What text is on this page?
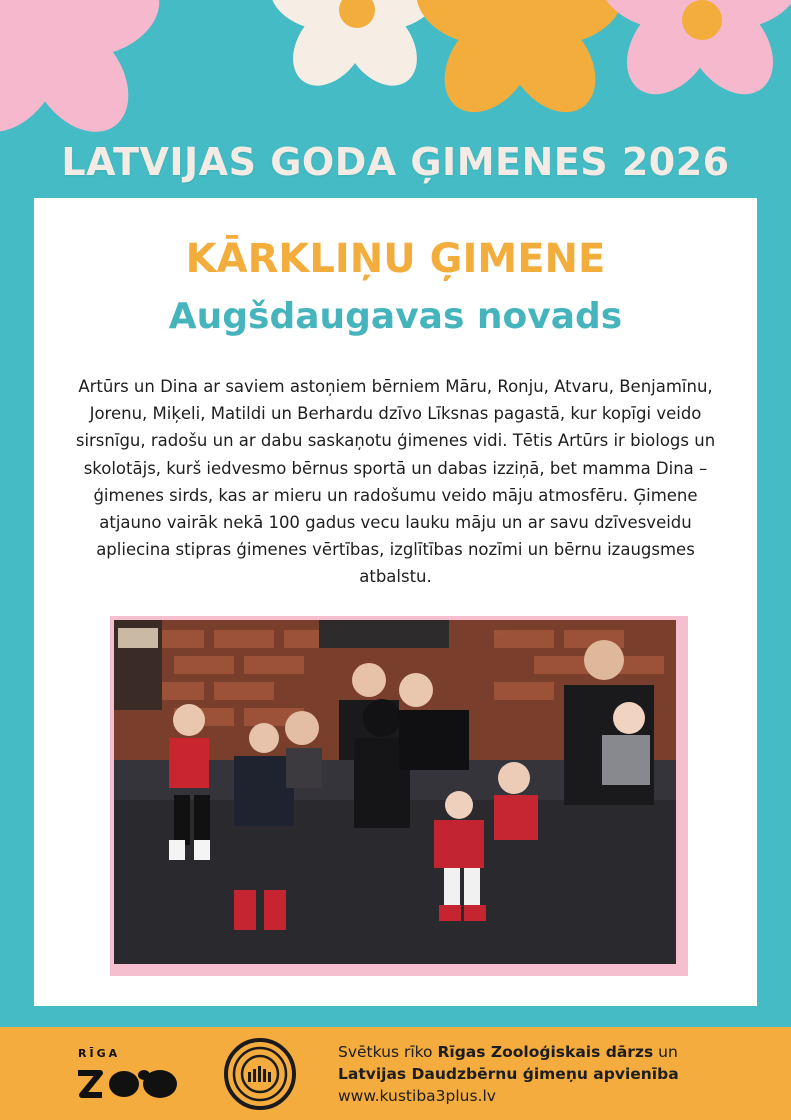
LATVIJAS GODA ĢIMENES 2026
KĀRKLIŅU ĢIMENE
Augšdaugavas novads
Artūrs un Dina ar saviem astoņiem bērniem Māru, Ronju, Atvaru, Benjamīnu, Jorenu, Miķeli, Matildi un Berhardu dzīvo Līksnas pagastā, kur kopīgi veido sirsnīgu, radošu un ar dabu saskaņotu ģimenes vidi. Tētis Artūrs ir biologs un skolotājs, kurš iedvesmo bērnus sportā un dabas izziņā, bet mamma Dina – ģimenes sirds, kas ar mieru un radošumu veido māju atmosfēru. Ģimene atjauno vairāk nekā 100 gadus vecu lauku māju un ar savu dzīvesveidu apliecina stipras ģimenes vērtības, izglītības nozīmi un bērnu izaugsmes atbalstu.
RĪGA	Svētkus rīko Rīgas Zooloģiskais dārzs un
Latvijas Daudzbērnu ģimeņu apvienība
www.kustiba3plus.lv
